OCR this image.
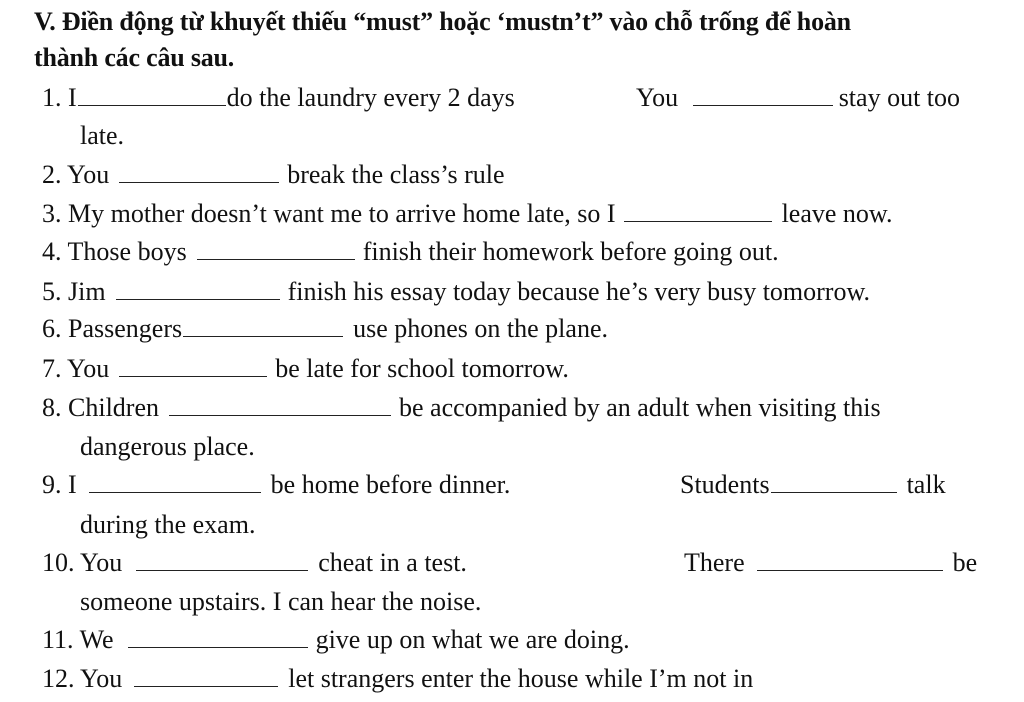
V. Điền động từ khuyết thiếu “must” hoặc ‘mustn’t” vào chỗ trống để hoàn
thành các câu sau.
1. I	do the laundry every 2 days	You	stay out too
late.
2. You	break the class’s rule
3. My mother doesn’t want me to arrive home late, so I	leave now.
4. Those boys	finish their homework before going out.
5. Jim	finish his essay today because he’s very busy tomorrow.
6. Passengers	use phones on the plane.
7. You	be late for school tomorrow.
8. Children	be accompanied by an adult when visiting this
dangerous place.
9. I	be home before dinner.	Students	talk
during the exam.
10. You	cheat in a test.	There	be
someone upstairs. I can hear the noise.
11. We	give up on what we are doing.
12. You	let strangers enter the house while I’m not in
